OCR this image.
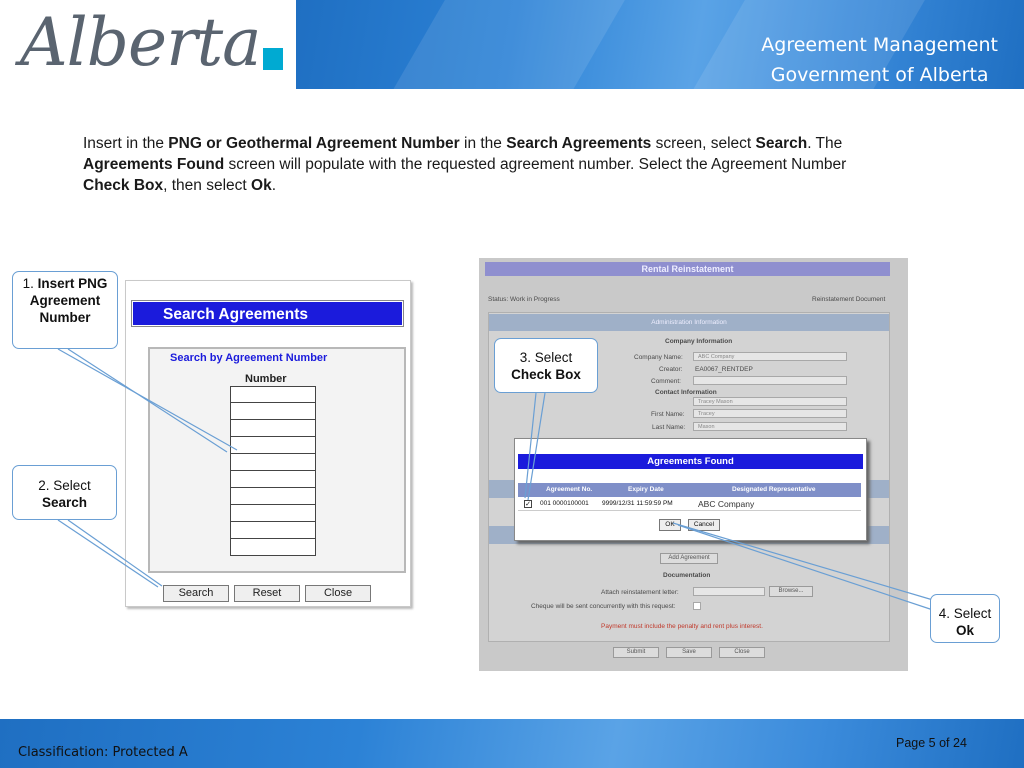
Alberta	Agreement Management
Government of Alberta
Insert in the PNG or Geothermal Agreement Number in the Search Agreements screen, select Search. The
Agreements Found screen will populate with the requested agreement number. Select the Agreement Number
Check Box, then select Ok.
Search Agreements
Search by Agreement Number
Number
Search	Reset	Close
Rental Reinstatement
Status: Work in Progress	Reinstatement Document
Administration Information
Company Information
Company Name:	ABC Company
Creator: EA0067_RENTDEP
Comment:
Contact Information
Tracey Mason
First Name:	Tracey
Last Name:	Mason
Add Agreement
Documentation
Attach reinstatement letter:	Browse...
Cheque will be sent concurrently with this request:
Payment must include the penalty and rent plus interest.
Submit	Save	Close
Agreements Found
Agreement No.	Expiry Date	Designated Representative
✓ 001 0000100001 9999/12/31 11:59:59 PM	ABC Company
OK	Cancel
1. Insert PNG Agreement Number
2. Select
Search
3. Select
Check Box
4. Select
Ok
Classification: Protected A
Page 5 of 24
